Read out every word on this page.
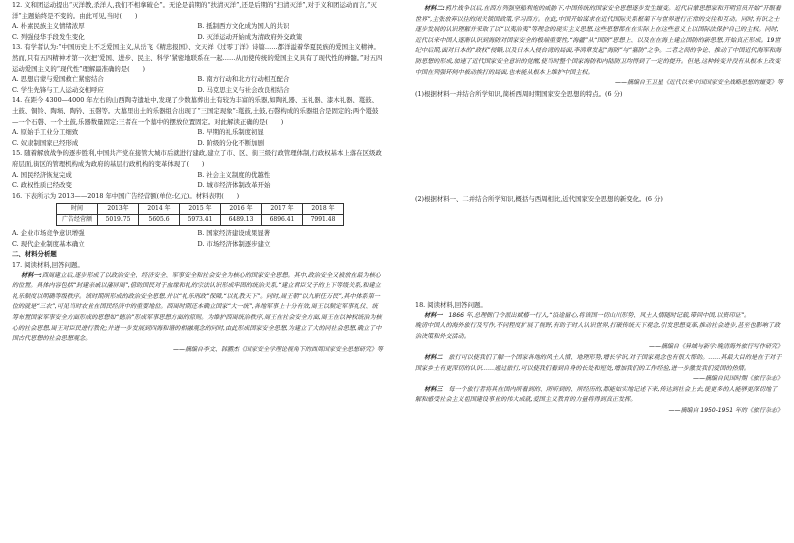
12. 义和团运动提出“灭洋教,杀洋人,我们不相拿破仑”。无论是前期的“扶清灭洋”,还是后期的“扫清灭洋”,对于义和团运动而言,“灭洋”主题始终是不变的。由此可见,当时(　　)

A. 朴素民族主义情绪浓厚	B. 抵制西方文化成为国人的共识
C. 列强侵华手段发生变化	D. 灭洋运动开始成为清政府外交政策

13. 有学者认为:“中国历史上不乏爱国主义,从岳飞《精忠报国》、文天祥《过零丁洋》诗篇……都洋溢着华夏民族的爱国主义精神。然而,只有五四精神才第一次把‘爱国、进步、民主、科学’紧密地联系在一起……从而使传统的爱国主义具有了现代性的禅髓。”对五四运动爱国主义的“现代性”理解最准确的是(　　)

A. 思想启蒙与爱国救亡紧密结合	B. 南方行动和北方行动相互配合
C. 学生先锋与工人运动交相呼应	D. 马克思主义与社会改良相结合

14. 在距今 4300—4000 年左右的山西陶寺遗址中,发现了少数墓葬出土有较为丰富的乐器,如陶礼器、玉礼器、漆木礼器、鼍鼓、土鼓、铜铃、陶埙、陶钤、玉磬等。大墓里出土的乐器组合出现了“三国定现象”:鼍鼓,土鼓,石磬构成的乐器组合是固定的;两个鼍鼓—一个石磬、一个土鼓,乐器数量固定;三者在一个墓中的摆放位置固定。对此解读正确的是(　　)

A. 原始手工业分工细致	B. 早期的礼乐制度初显
C. 奴隶制国家已经形成	D. 阶级的分化不断加剧

15. 随着解放战争的逐步胜利,中国共产党在接管大城市后就进行建政,建立了市、区、街三级行政管理体制,行政权基本上落在区级政府层面,街区的管理机构成为政府的基层行政机构的变革体现了(　　)

A. 国民经济恢复完成	B. 社会主义制度的优越性
C. 政权性质已经改变	D. 城市经济体制改革开始

16. 下表所示为 2013——2018 年中国广告经营额(单位:亿元)。材料表明(　　)

时间	2013年	2014 年	2015 年	2016 年	2017 年	2018 年
广告经营额	5019.75	5605.6	5973.41	6489.13	6896.41	7991.48
A. 企业市场竞争意识增强	B. 国家经济建设成果显著
C. 现代企业制度基本确立	D. 市场经济体制逐步建立

二、材料分析题

17. 阅读材料,回答问题。

材料一:西周建立后,逐步形成了以政治安全、经济安全、军事安全和社会安全为核心的国家安全思想。其中,政治安全又被放在最为核心的位置。具体内容包括“封建亲戚以藩屏周”,借助国民对于血缘和礼的宗法认识形成牢固的统治关系,“建立君臣父子的上下等级关系,和建立礼乐制度以明确等级秩序。该时期所形成的政治安全思想,并以“礼乐刑政”保障,“以礼教天下”。同时,周王朝“以九职任万民”,其中体系第一位的就是“三农”,可见当时农业在国民经济中的重要地位。西周时期还本确立国家“大一统”,各地军事上十分有效,周王以制定军事礼仪、统筹布置国家军事安全方面形成的思想如“德治”形成军事思想方面的原则。为维护西周统治秩序,周王在社会安全方面,周王在以神权统治为核心的社会思想,周王对臣民进行教化;并进一步发展到四海和谐的相融观念的同时,由此形成国家安全思想,为建立了大的同社会思想,确立了中国古代思想的社会思想观念。

——摘编自李文、韩鹏杰《国家安全学理论视角下的西周国家安全思想研究》等

材料二:鸦片战争以后,在西方列强坚船利炮的威胁下,中国传统的国家安全思想逐步发生嬗变。近代启蒙思想家和开明官员开始“开眼看世界”,主张放弃以往的闭关锁国政策,学习西方。在此,中国开始谋求在近代国际关系框架下与世界进行正常的交往和互动。同时,有识之士逐步发展的认识理解并采取了以“以夷治夷”等理念的现实主义思想,这些思想都在在实际上在这些意义上以国际法保护自己的主权。同时,近代以来中国人逐渐认识到海防对国家安全的极端重要性,“海疆”从“国防”思想上、以及在在海上建立国防的新思想,开始真正形成。19世纪中后期,面对日本的“政权”侵略,以及日本入侵台湾的局面,李鸿章发起“海防”与“塞防”之争。二者之间的争论、推动了中国近代海军和海防思想的形成,加速了近代国家安全意识的觉醒,使当时整个国家海防和内陆防卫均得到了一定的提升。但是,这种转变并没有从根本上改变中国在列强环伺中被动挨打的局面,也未能从根本上维护中国主权。

——摘编自王卫星《近代以来中国国家安全战略思想的嬗变》等

(1)根据材料一并结合所学知识,简析西周时期国家安全思想的特点。(6 分)

(2)根据材料一、二并结合所学知识,概括与西周相比,近代国家安全思想的新变化。(6 分)

18. 阅读材料,回答问题。

材料一　 1866 年,总理衙门令派出斌椿一行人,“沿途留心,将该国一切山川形势、风土人情随时记载,带回中国,以资印证”。

晚清中国人的海外旅行及写作,不同程度扩展了视野,有助于时人认识世界,打破传统天下观念,引发思想变革,推动社会进步,甚至也影响了政治决策和外交活动。

——摘编自《异域与新学:晚清海外旅行写作研究》

材料二　 旅行可以使我们了解一个国家各地的风土人情、地理形势,增长学识,对于国家观念也有很大帮助。……其最大目的是在于对于国家乡土有更深切的认识……通过旅行,可以使我们看到自身的长处和短处,增加我们的工作经验,进一步激发我们爱国的热情。

——摘编自民国时期《旅行杂志》

材料三　 每一个旅行者将其在国内所看到的、所听到的、所经历的,都能如实地记述下来,传达到社会上去,使更多的人能够更深切地了解和感受社会主义祖国建设事业的伟大成就,爱国主义教育的力量将得到真正发挥。

——摘编自 1950-1951 年的《旅行杂志》
